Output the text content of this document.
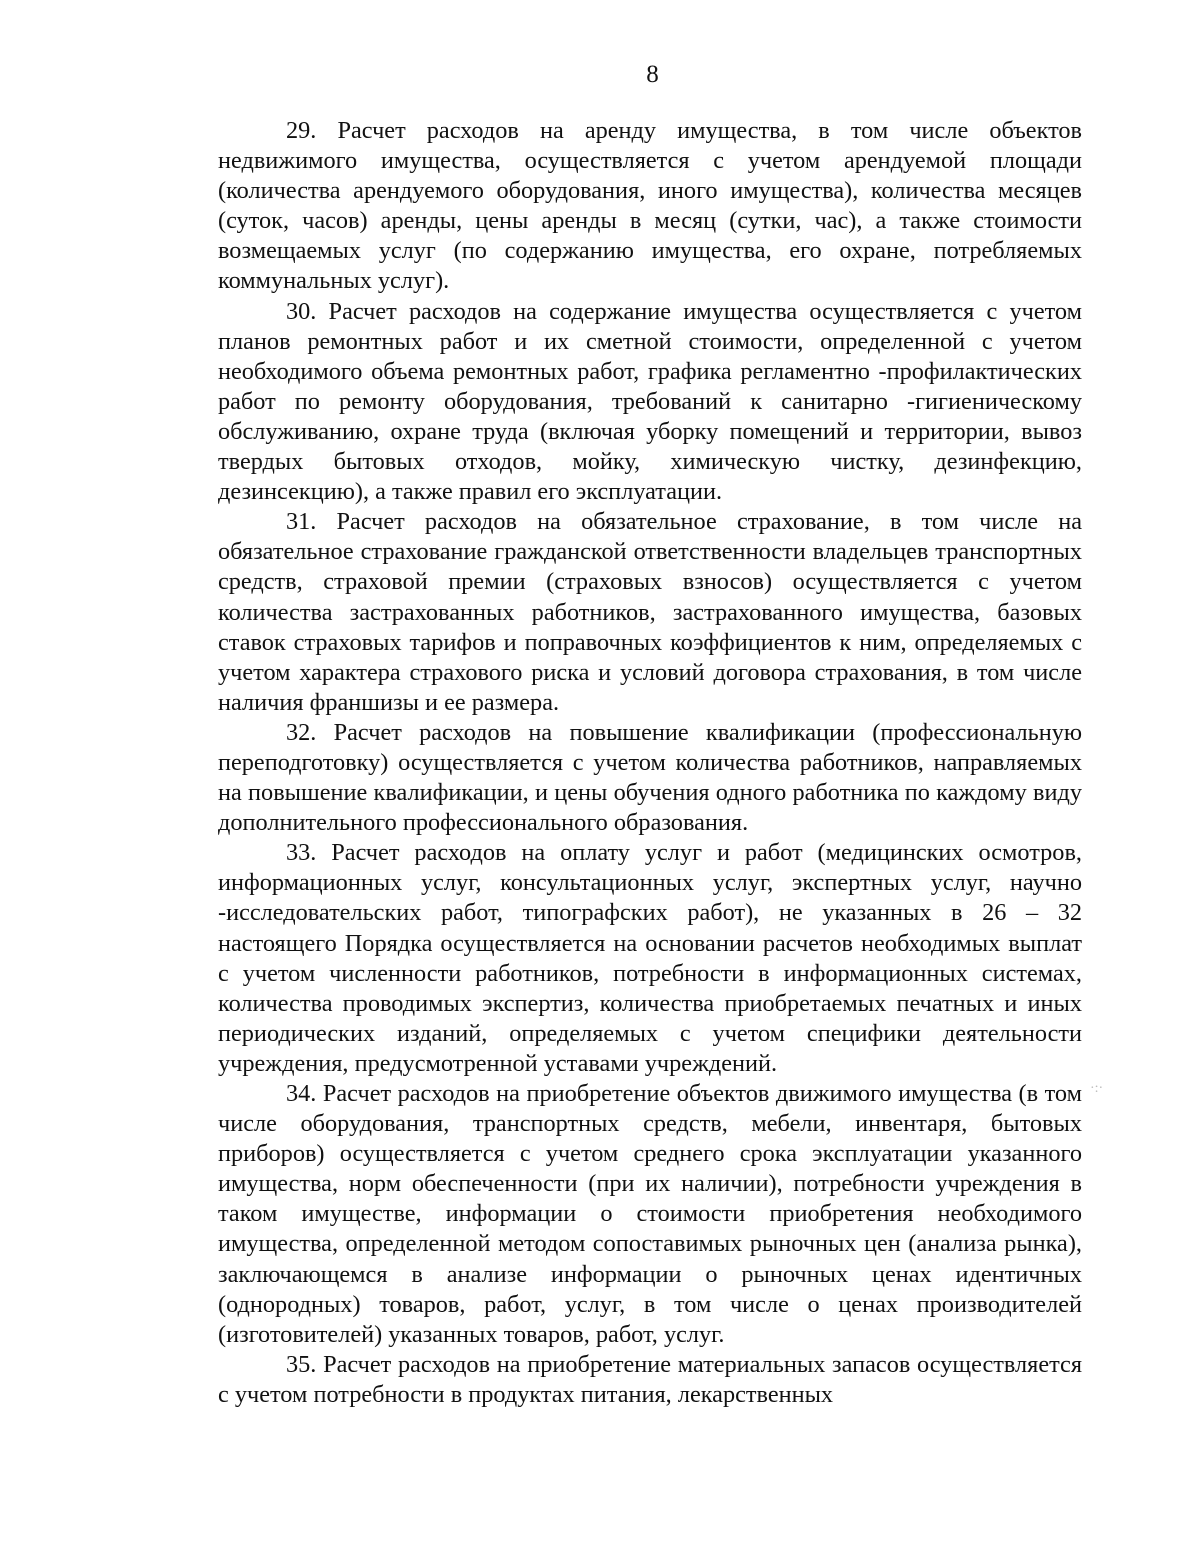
8

29. Расчет расходов на аренду имущества, в том числе объектов недвижимого имущества, осуществляется с учетом арендуемой площади (количества арендуемого оборудования, иного имущества), количества месяцев (суток, часов) аренды, цены аренды в месяц (сутки, час), а также стоимости возмещаемых услуг (по содержанию имущества, его охране, потребляемых коммунальных услуг).

30. Расчет расходов на содержание имущества осуществляется с учетом планов ремонтных работ и их сметной стоимости, определенной с учетом необходимого объема ремонтных работ, графика регламентно -профилактических работ по ремонту оборудования, требований к санитарно -гигиеническому обслуживанию, охране труда (включая уборку помещений и территории, вывоз твердых бытовых отходов, мойку, химическую чистку, дезинфекцию, дезинсекцию), а также правил его эксплуатации.

31. Расчет расходов на обязательное страхование, в том числе на обязательное страхование гражданской ответственности владельцев транспортных средств, страховой премии (страховых взносов) осуществляется с учетом количества застрахованных работников, застрахованного имущества, базовых ставок страховых тарифов и поправочных коэффициентов к ним, определяемых с учетом характера страхового риска и условий договора страхования, в том числе наличия франшизы и ее размера.

32. Расчет расходов на повышение квалификации (профессиональную переподготовку) осуществляется с учетом количества работников, направляемых на повышение квалификации, и цены обучения одного работника по каждому виду дополнительного профессионального образования.

33. Расчет расходов на оплату услуг и работ (медицинских осмотров, информационных услуг, консультационных услуг, экспертных услуг, научно -исследовательских работ, типографских работ), не указанных в 26 – 32 настоящего Порядка осуществляется на основании расчетов необходимых выплат с учетом численности работников, потребности в информационных системах, количества проводимых экспертиз, количества приобретаемых печатных и иных периодических изданий, определяемых с учетом специфики деятельности учреждения, предусмотренной уставами учреждений.

34. Расчет расходов на приобретение объектов движимого имущества (в том числе оборудования, транспортных средств, мебели, инвентаря, бытовых приборов) осуществляется с учетом среднего срока эксплуатации указанного имущества, норм обеспеченности (при их наличии), потребности учреждения в таком имуществе, информации о стоимости приобретения необходимого имущества, определенной методом сопоставимых рыночных цен (анализа рынка), заключающемся в анализе информации о рыночных ценах идентичных (однородных) товаров, работ, услуг, в том числе о ценах производителей (изготовителей) указанных товаров, работ, услуг.

35. Расчет расходов на приобретение материальных запасов осуществляется с учетом потребности в продуктах питания, лекарственных

·:·
